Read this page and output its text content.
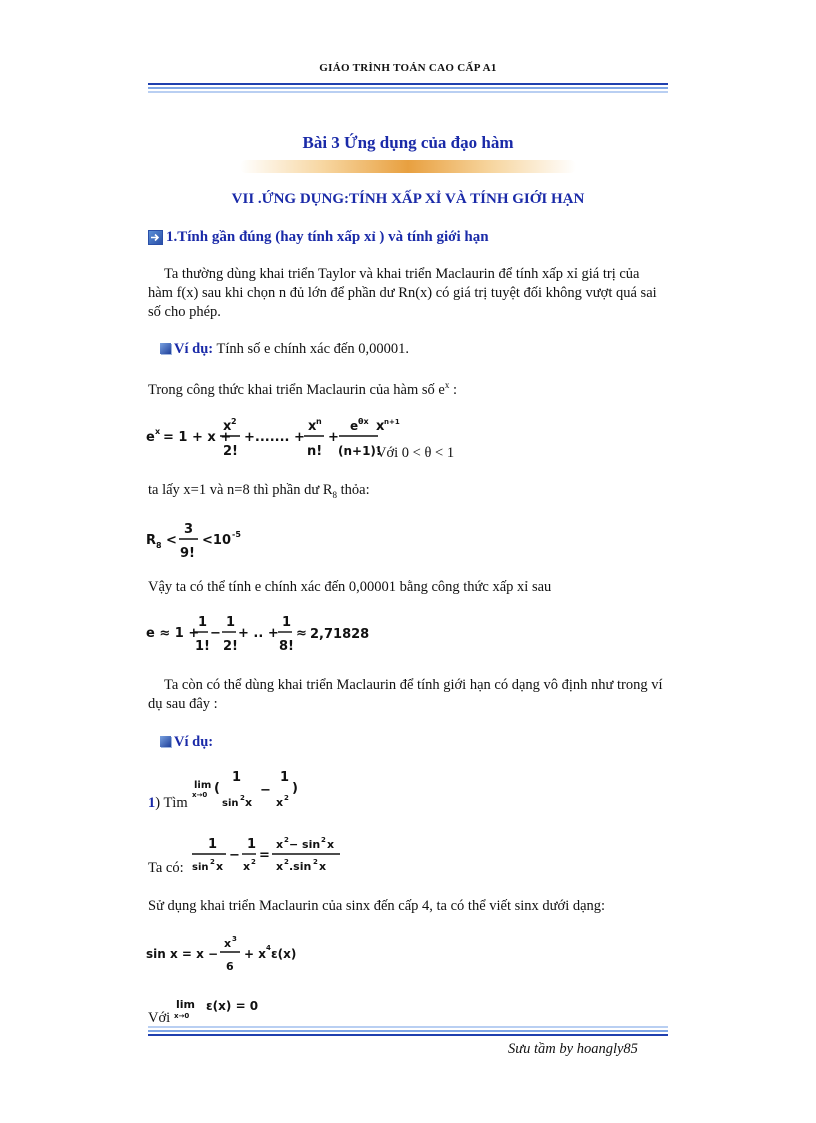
GIÁO TRÌNH TOÁN CAO CẤP A1
Bài 3 Ứng dụng của đạo hàm
VII .ỨNG DỤNG:TÍNH XẤP XỈ VÀ TÍNH GIỚI HẠN
1.Tính gần đúng (hay tính xấp xỉ ) và tính giới hạn
Ta thường dùng khai triển Taylor và khai triển Maclaurin để tính xấp xỉ giá trị của hàm f(x) sau khi chọn n đủ lớn để phần dư Rn(x) có giá trị tuyệt đối không vượt quá sai số cho phép.
Ví dụ: Tính số e chính xác đến 0,00001.
Trong công thức khai triển Maclaurin của hàm số $e^x$ :
e x = 1 + x +
x 2
2!
+....... +
x n
n!
+
e θx
(n+1)!
x n+1
Với 0 < θ < 1
ta lấy x=1 và n=8 thì phần dư $R_8$ thỏa:
R 8 <
3
9!
<10 -5
Vậy ta có thể tính e chính xác đến 0,00001 bằng công thức xấp xỉ sau
e ≈ 1 +
1
1!
−
1
2!
+ .. +
1
8!
≈ 2,71828
Ta còn có thể dùng khai triển Maclaurin để tính giới hạn có dạng vô định như trong ví dụ sau đây :
Ví dụ:
1) Tìm
lim
x→0 (
1
sin 2 x
−
1
x 2
)
Ta có:
1
sin 2 x
−
1
x 2 =
x 2 − sin 2 x
x 2 .sin 2 x
Sử dụng khai triển Maclaurin của sinx đến cấp 4, ta có thể viết sinx dưới dạng:
sin x = x −
x 3
6
+ x 4 ε(x)
Với
lim
x→0
ε(x) = 0
Sưu tầm by hoangly85
